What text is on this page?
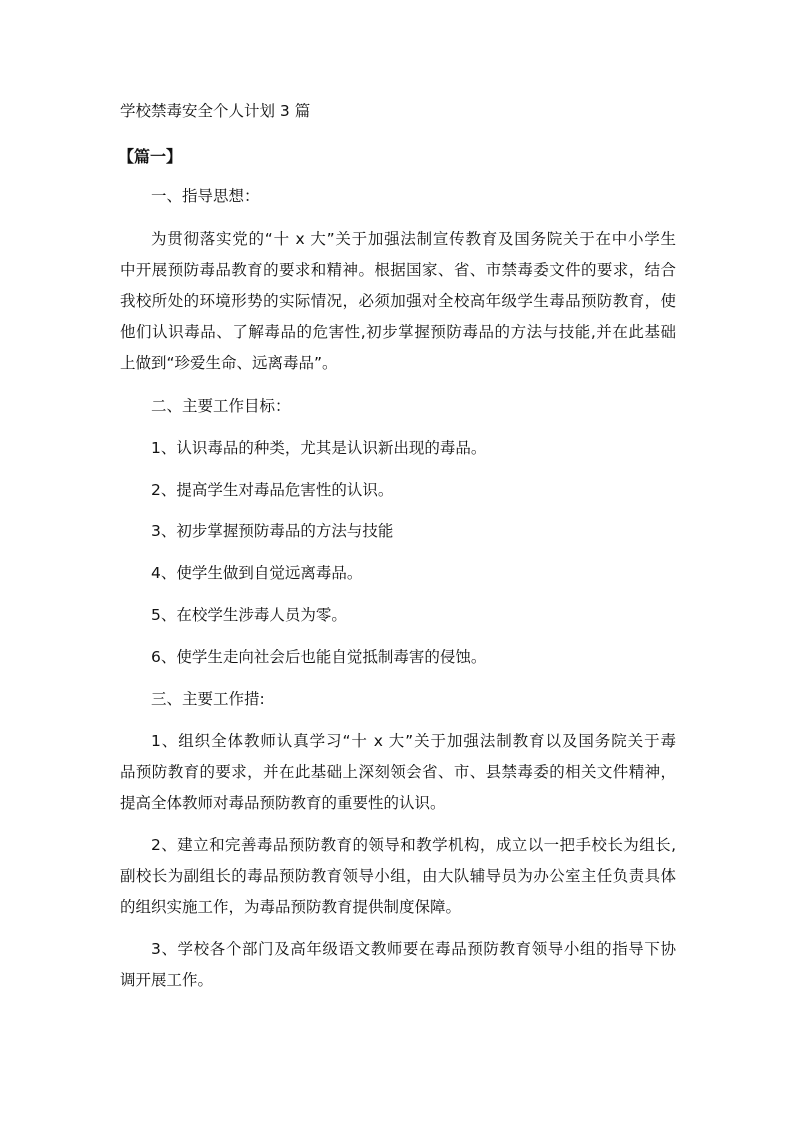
学校禁毒安全个人计划 3 篇
【篇一】
一、指导思想：
为贯彻落实党的“十 x 大”关于加强法制宣传教育及国务院关于在中小学生
中开展预防毒品教育的要求和精神。根据国家、省、市禁毒委文件的要求，结合
我校所处的环境形势的实际情况，必须加强对全校高年级学生毒品预防教育，使
他们认识毒品、了解毒品的危害性,初步掌握预防毒品的方法与技能,并在此基础
上做到“珍爱生命、远离毒品”。
二、主要工作目标：
1、认识毒品的种类，尤其是认识新出现的毒品。
2、提高学生对毒品危害性的认识。
3、初步掌握预防毒品的方法与技能
4、使学生做到自觉远离毒品。
5、在校学生涉毒人员为零。
6、使学生走向社会后也能自觉抵制毒害的侵蚀。
三、主要工作措:
1、组织全体教师认真学习“十 x 大”关于加强法制教育以及国务院关于毒
品预防教育的要求，并在此基础上深刻领会省、市、县禁毒委的相关文件精神，
提高全体教师对毒品预防教育的重要性的认识。
2、建立和完善毒品预防教育的领导和教学机构，成立以一把手校长为组长,
副校长为副组长的毒品预防教育领导小组，由大队辅导员为办公室主任负责具体
的组织实施工作，为毒品预防教育提供制度保障。
3、学校各个部门及高年级语文教师要在毒品预防教育领导小组的指导下协
调开展工作。
